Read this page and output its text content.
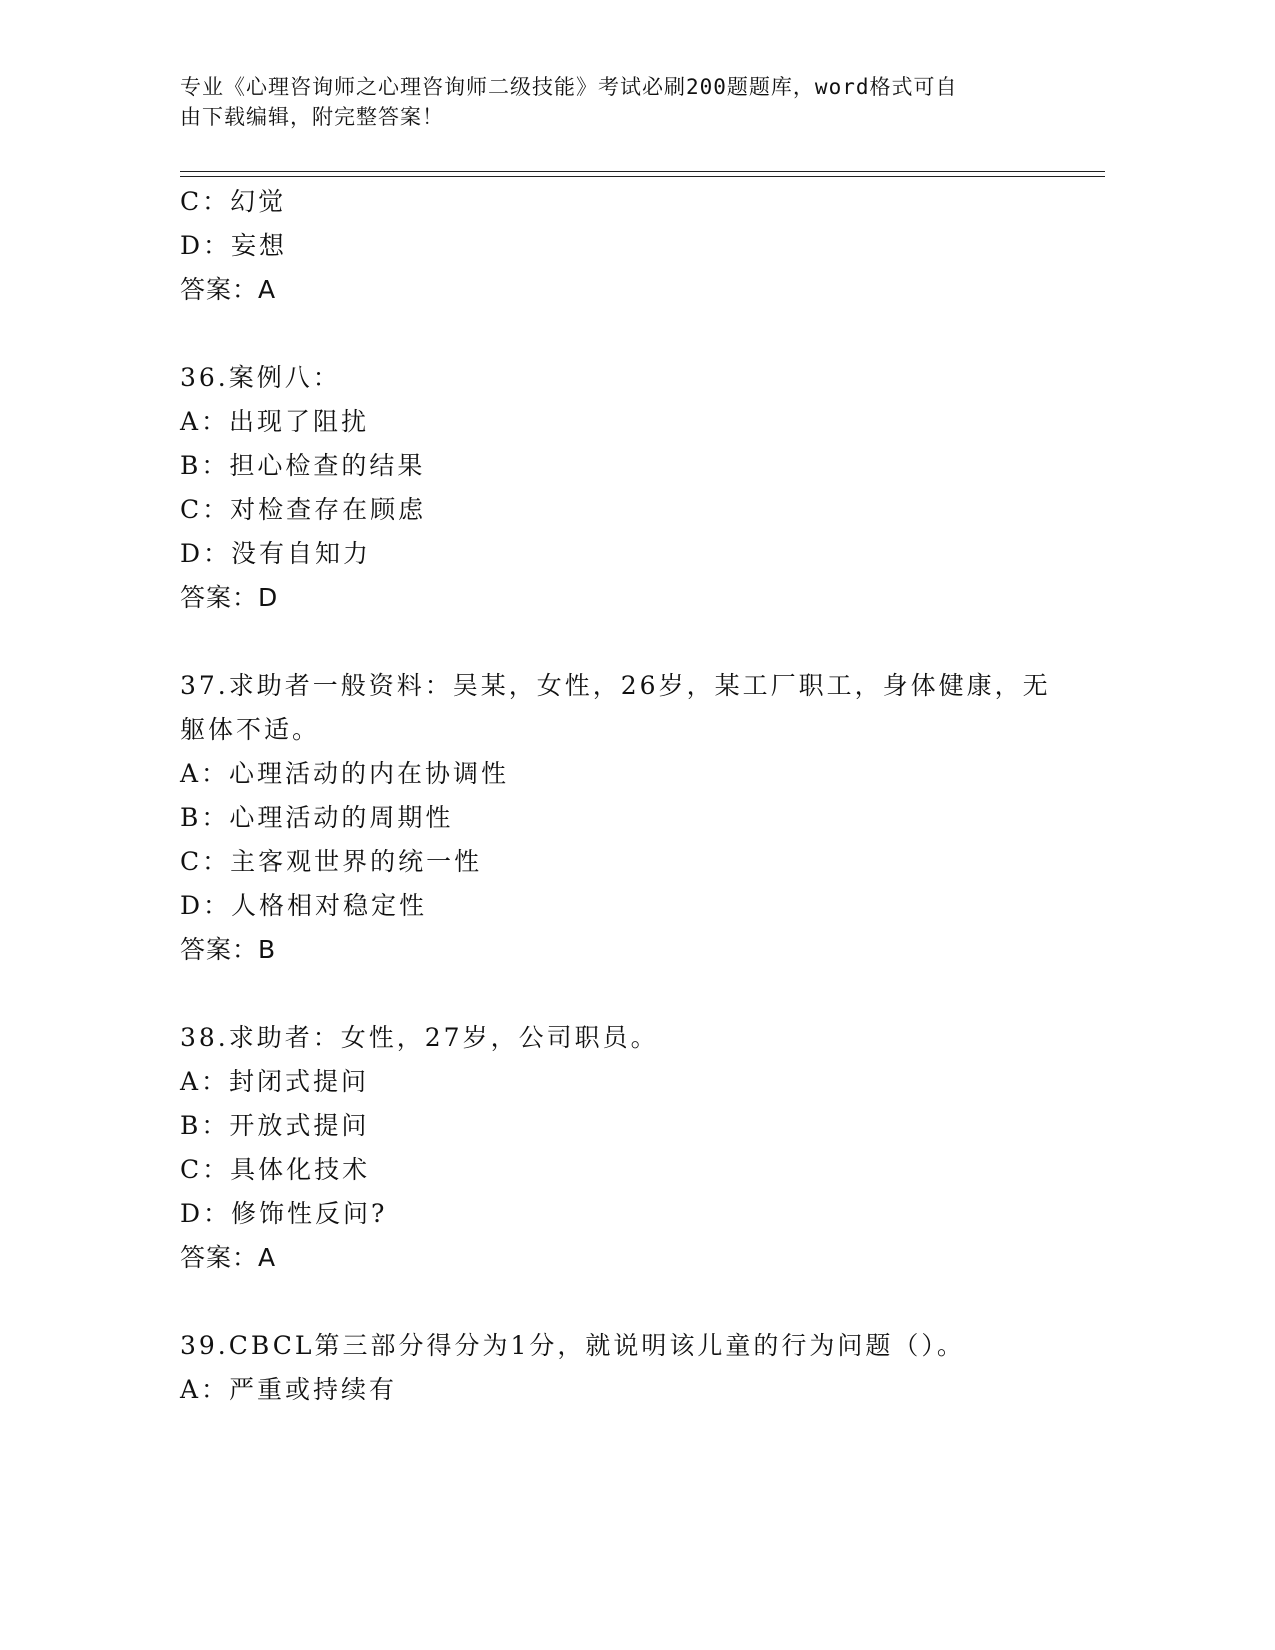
专业《心理咨询师之心理咨询师二级技能》考试必刷200题题库，word格式可自
由下载编辑，附完整答案！
C：幻觉
D：妄想
答案：A
36.案例八：
A：出现了阻扰
B：担心检查的结果
C：对检查存在顾虑
D：没有自知力
答案：D
37.求助者一般资料：吴某，女性，26岁，某工厂职工，身体健康，无
躯体不适。
A：心理活动的内在协调性
B：心理活动的周期性
C：主客观世界的统一性
D：人格相对稳定性
答案：B
38.求助者：女性，27岁，公司职员。
A：封闭式提问
B：开放式提问
C：具体化技术
D：修饰性反问?
答案：A
39.CBCL第三部分得分为1分，就说明该儿童的行为问题（）。
A：严重或持续有
